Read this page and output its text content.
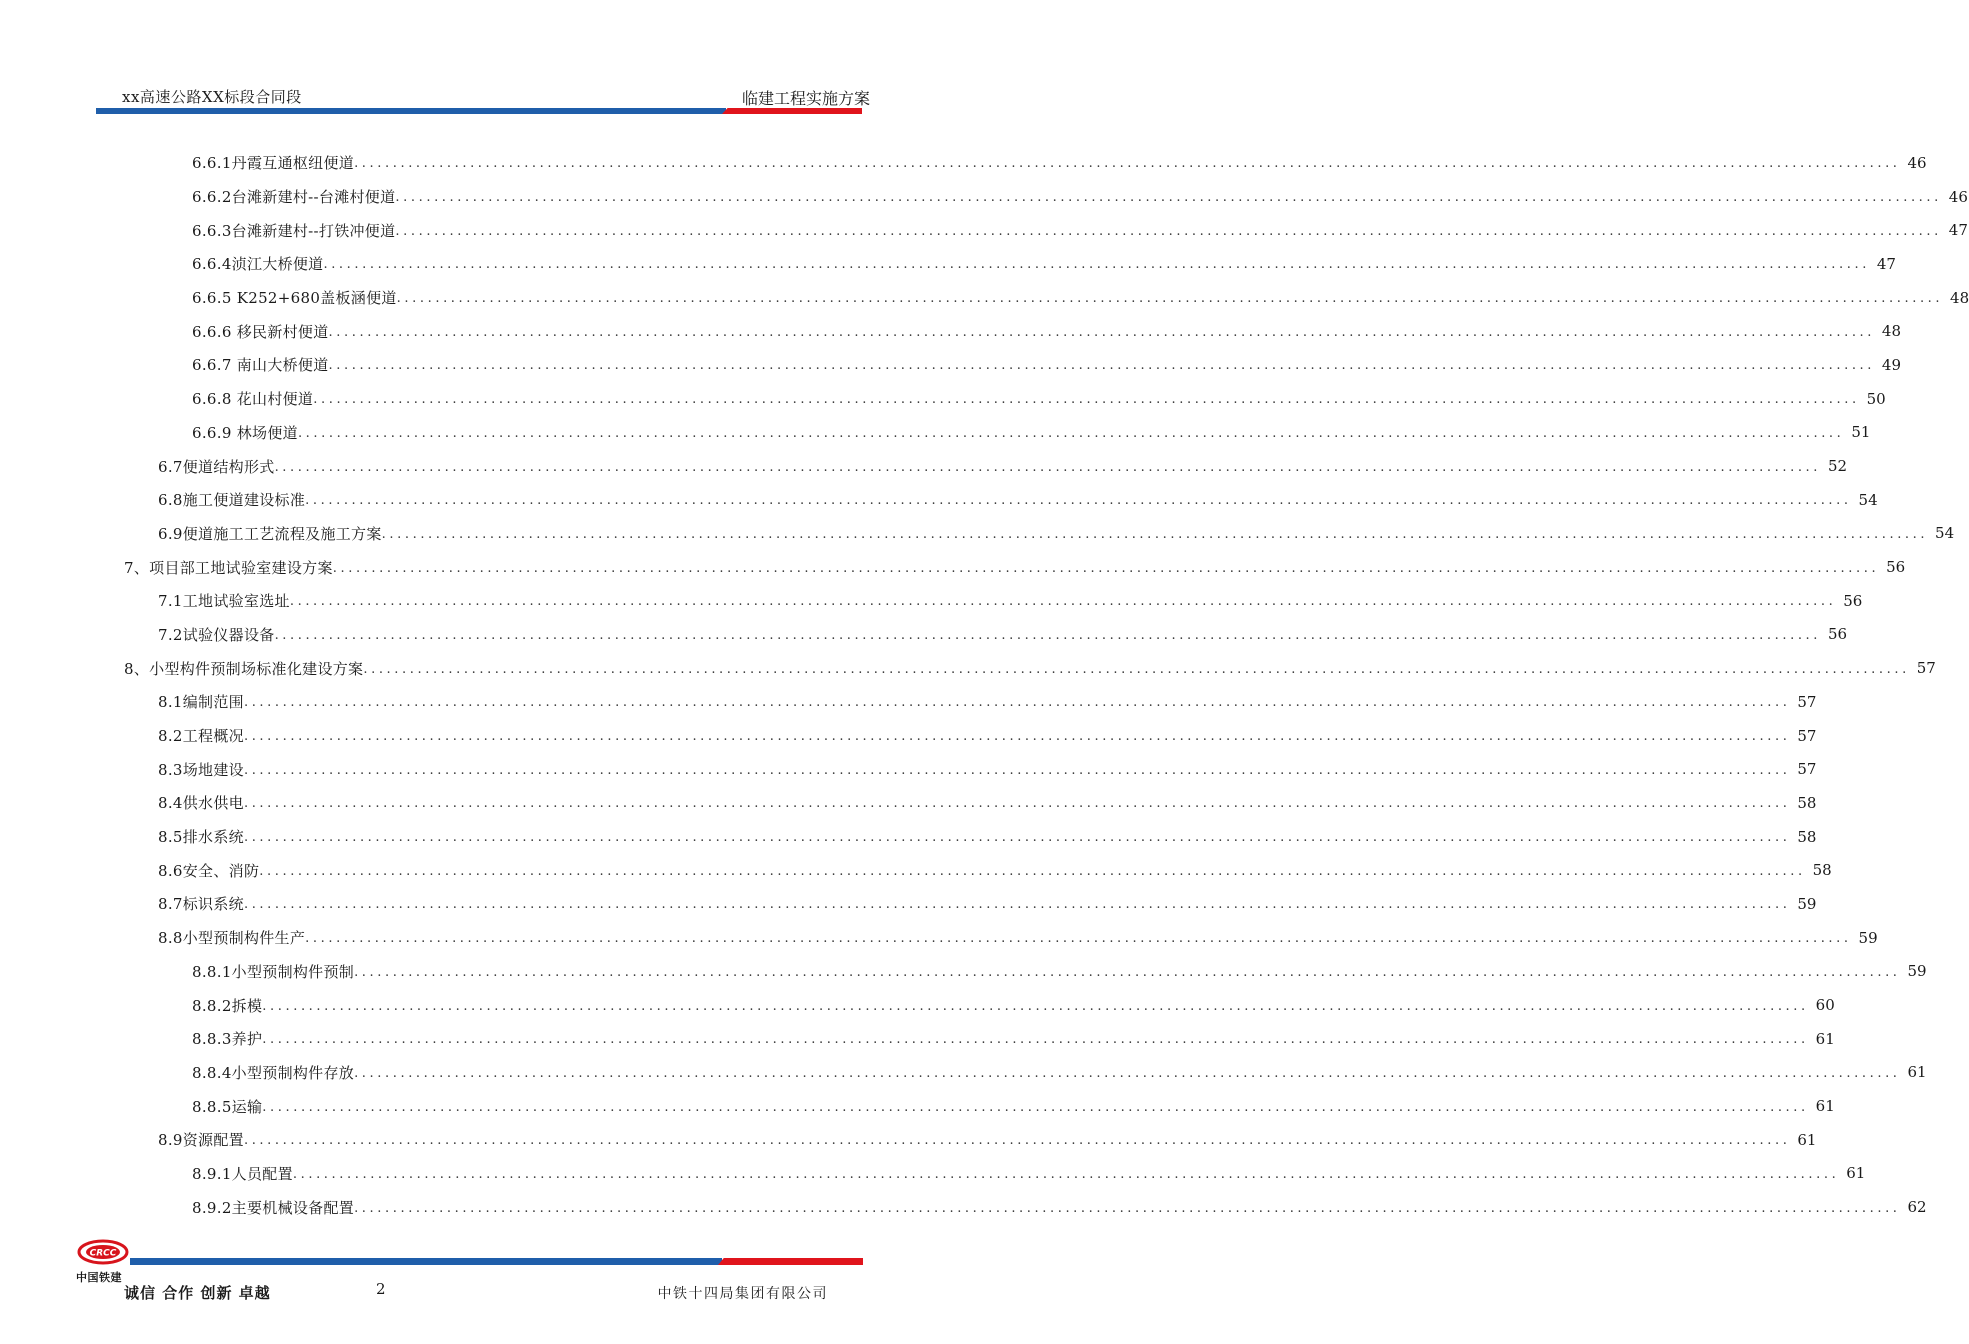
xx高速公路XX标段合同段	临建工程实施方案
6.6.1丹霞互通枢纽便道 ........................................................................................................................................................................................................ 46
6.6.2台滩新建村--台滩村便道 ........................................................................................................................................................................................................ 46
6.6.3台滩新建村--打铁冲便道 ........................................................................................................................................................................................................ 47
6.6.4浈江大桥便道 ........................................................................................................................................................................................................ 47
6.6.5 K252+680盖板涵便道 ........................................................................................................................................................................................................ 48
6.6.6 移民新村便道 ........................................................................................................................................................................................................ 48
6.6.7 南山大桥便道 ........................................................................................................................................................................................................ 49
6.6.8 花山村便道 ........................................................................................................................................................................................................ 50
6.6.9 林场便道 ........................................................................................................................................................................................................ 51
6.7便道结构形式 ........................................................................................................................................................................................................ 52
6.8施工便道建设标准 ........................................................................................................................................................................................................ 54
6.9便道施工工艺流程及施工方案 ........................................................................................................................................................................................................ 54
7、项目部工地试验室建设方案 ........................................................................................................................................................................................................ 56
7.1工地试验室选址 ........................................................................................................................................................................................................ 56
7.2试验仪器设备 ........................................................................................................................................................................................................ 56
8、小型构件预制场标准化建设方案 ........................................................................................................................................................................................................ 57
8.1编制范围 ........................................................................................................................................................................................................ 57
8.2工程概况 ........................................................................................................................................................................................................ 57
8.3场地建设 ........................................................................................................................................................................................................ 57
8.4供水供电 ........................................................................................................................................................................................................ 58
8.5排水系统 ........................................................................................................................................................................................................ 58
8.6安全、消防 ........................................................................................................................................................................................................ 58
8.7标识系统 ........................................................................................................................................................................................................ 59
8.8小型预制构件生产 ........................................................................................................................................................................................................ 59
8.8.1小型预制构件预制 ........................................................................................................................................................................................................ 59
8.8.2拆模 ........................................................................................................................................................................................................ 60
8.8.3养护 ........................................................................................................................................................................................................ 61
8.8.4小型预制构件存放 ........................................................................................................................................................................................................ 61
8.8.5运输 ........................................................................................................................................................................................................ 61
8.9资源配置 ........................................................................................................................................................................................................ 61
8.9.1人员配置 ........................................................................................................................................................................................................ 61
8.9.2主要机械设备配置 ........................................................................................................................................................................................................ 62
CRCC
中国铁建
诚信 合作 创新 卓越	2	中铁十四局集团有限公司
